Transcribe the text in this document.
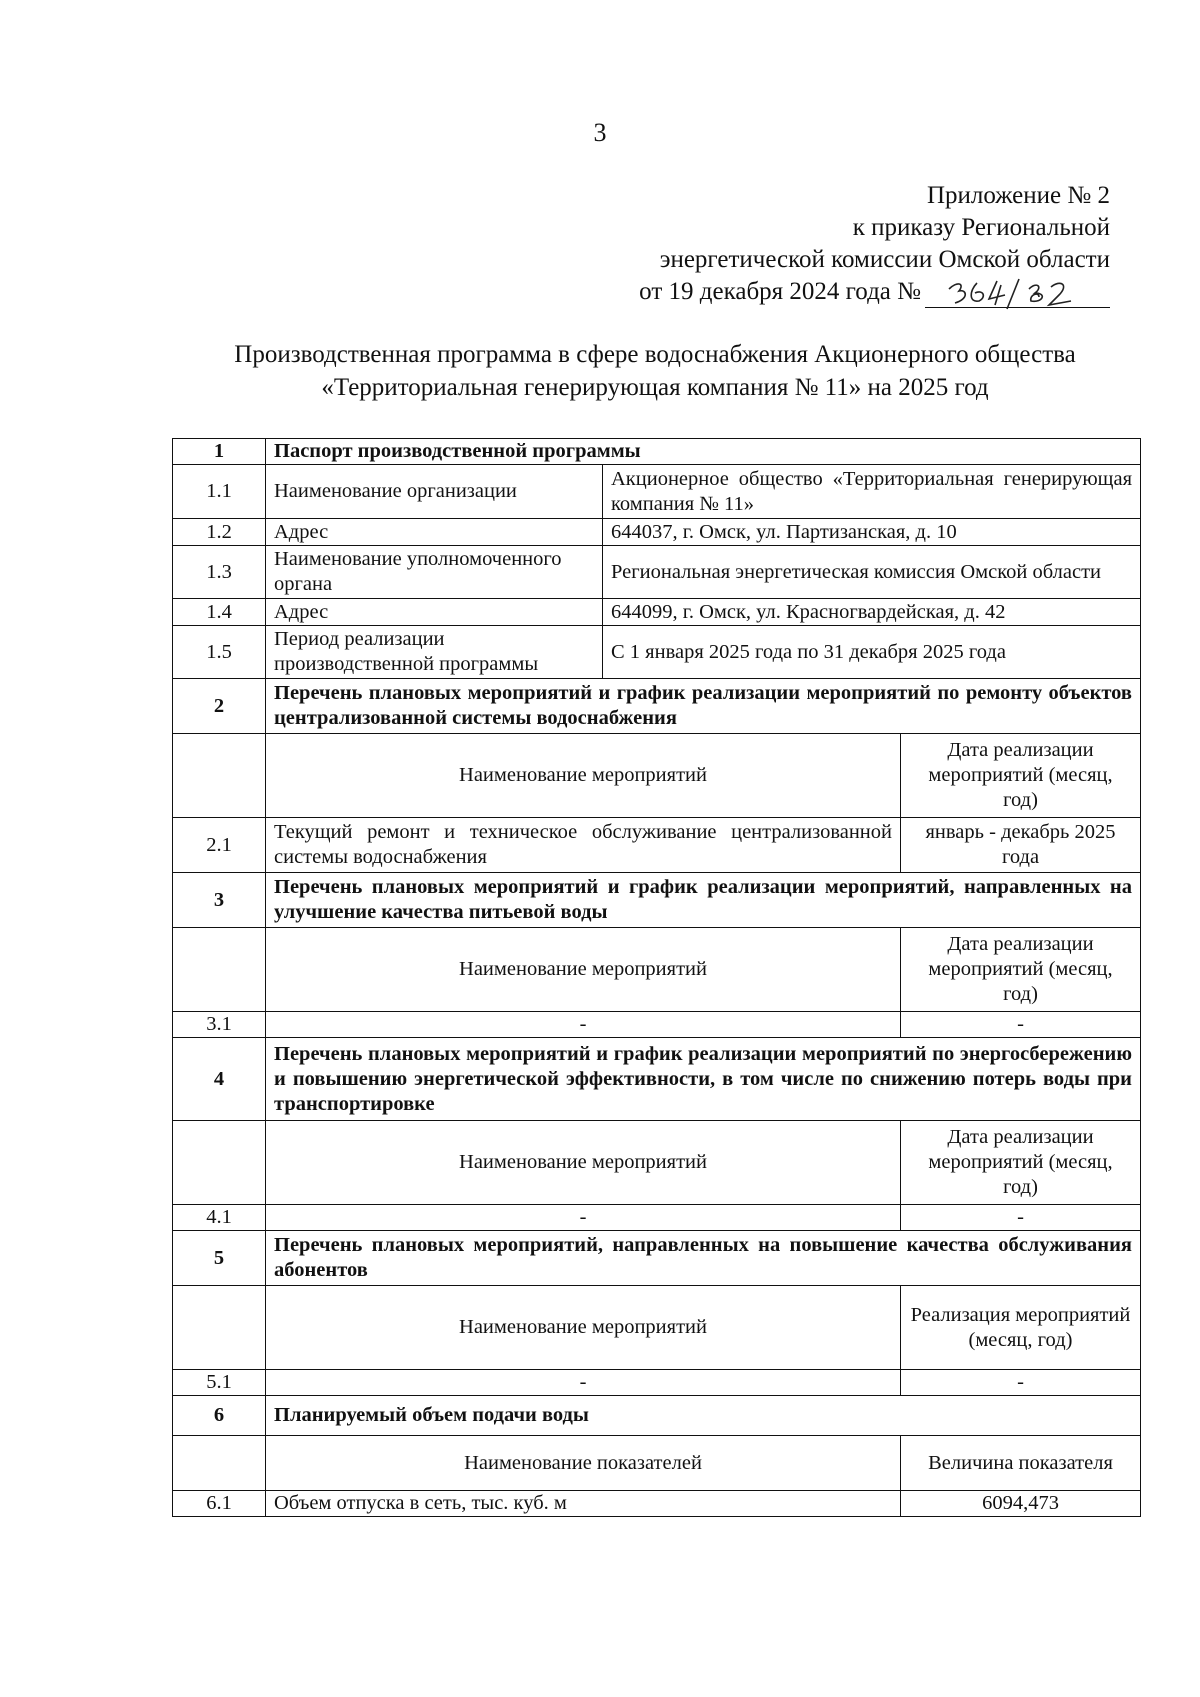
3
Приложение № 2
к приказу Региональной
энергетической комиссии Омской области
от 19 декабря 2024 года №
Производственная программа в сфере водоснабжения Акционерного общества
«Территориальная генерирующая компания № 11» на 2025 год
1	Паспорт производственной программы		
1.1	Наименование организации	Акционерное общество «Территориальная генерирующая компания № 11»	
1.2	Адрес	644037, г. Омск, ул. Партизанская, д. 10	
1.3	Наименование уполномоченного органа	Региональная энергетическая комиссия Омской области	
1.4	Адрес	644099, г. Омск, ул. Красногвардейская, д. 42	
1.5	Период реализации производственной программы	С 1 января 2025 года по 31 декабря 2025 года	
2	Перечень плановых мероприятий и график реализации мероприятий по ремонту объектов централизованной системы водоснабжения		
	Наименование мероприятий		Дата реализации мероприятий (месяц, год)
2.1	Текущий ремонт и техническое обслуживание централизованной системы водоснабжения		январь - декабрь 2025 года
3	Перечень плановых мероприятий и график реализации мероприятий, направленных на улучшение качества питьевой воды		
	Наименование мероприятий		Дата реализации мероприятий (месяц, год)
3.1	-		-
4	Перечень плановых мероприятий и график реализации мероприятий по энергосбережению и повышению энергетической эффективности, в том числе по снижению потерь воды при транспортировке		
	Наименование мероприятий		Дата реализации мероприятий (месяц, год)
4.1	-		-
5	Перечень плановых мероприятий, направленных на повышение качества обслуживания абонентов		
	Наименование мероприятий		Реализация мероприятий (месяц, год)
5.1	-		-
6	Планируемый объем подачи воды		
	Наименование показателей		Величина показателя
6.1	Объем отпуска в сеть, тыс. куб. м		6094,473
